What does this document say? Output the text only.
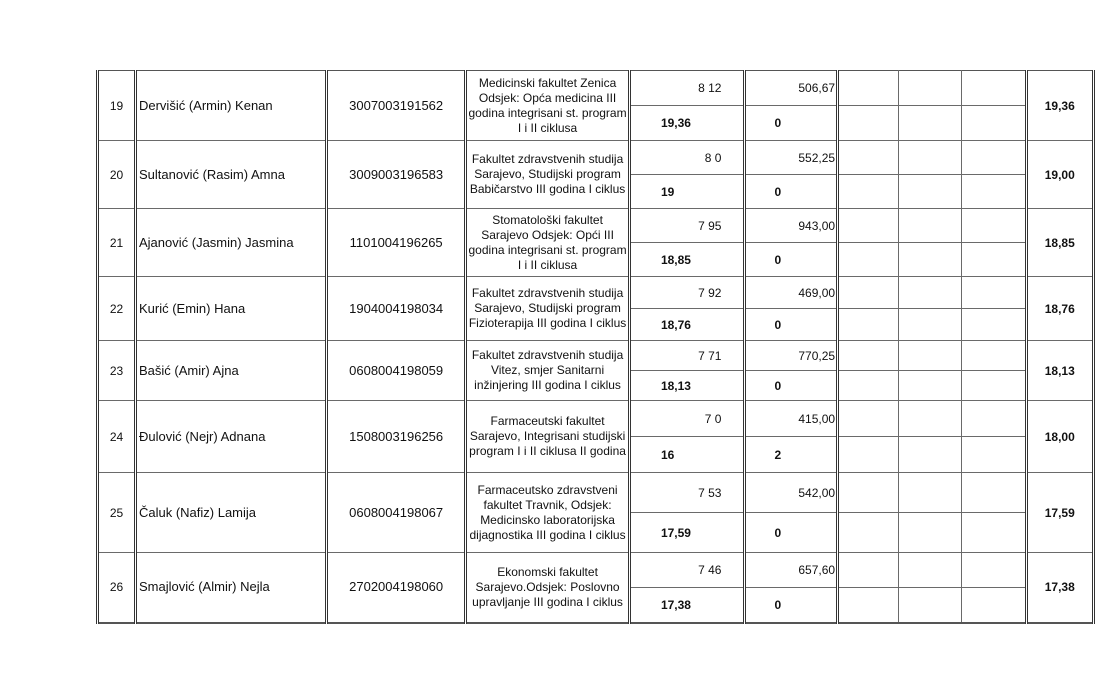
19	Dervišić (Armin) Kenan	3007003191562	Medicinski fakultet Zenica Odsjek: Opća medicina III godina integrisani st. program I i II ciklusa	8 12	506,67				19,36
				19,36	0				
20	Sultanović (Rasim) Amna	3009003196583	Fakultet zdravstvenih studija Sarajevo, Studijski program Babičarstvo III godina I ciklus	8 0	552,25				19,00
				19	0				
21	Ajanović (Jasmin) Jasmina	1101004196265	Stomatološki fakultet Sarajevo Odsjek: Opći III godina integrisani st. program I i II ciklusa	7 95	943,00				18,85
				18,85	0				
22	Kurić (Emin) Hana	1904004198034	Fakultet zdravstvenih studija Sarajevo, Studijski program Fizioterapija III godina I ciklus	7 92	469,00				18,76
				18,76	0				
23	Bašić (Amir) Ajna	0608004198059	Fakultet zdravstvenih studija Vitez, smjer Sanitarni inžinjering III godina I ciklus	7 71	770,25				18,13
				18,13	0				
24	Đulović (Nejr) Adnana	1508003196256	Farmaceutski fakultet Sarajevo, Integrisani studijski program I i II ciklusa II godina	7 0	415,00				18,00
				16	2				
25	Čaluk (Nafiz) Lamija	0608004198067	Farmaceutsko zdravstveni fakultet Travnik, Odsjek: Medicinsko laboratorijska dijagnostika III godina I ciklus	7 53	542,00				17,59
				17,59	0				
26	Smajlović (Almir) Nejla	2702004198060	Ekonomski fakultet Sarajevo.Odsjek: Poslovno upravljanje III godina I ciklus	7 46	657,60				17,38
				17,38	0				
